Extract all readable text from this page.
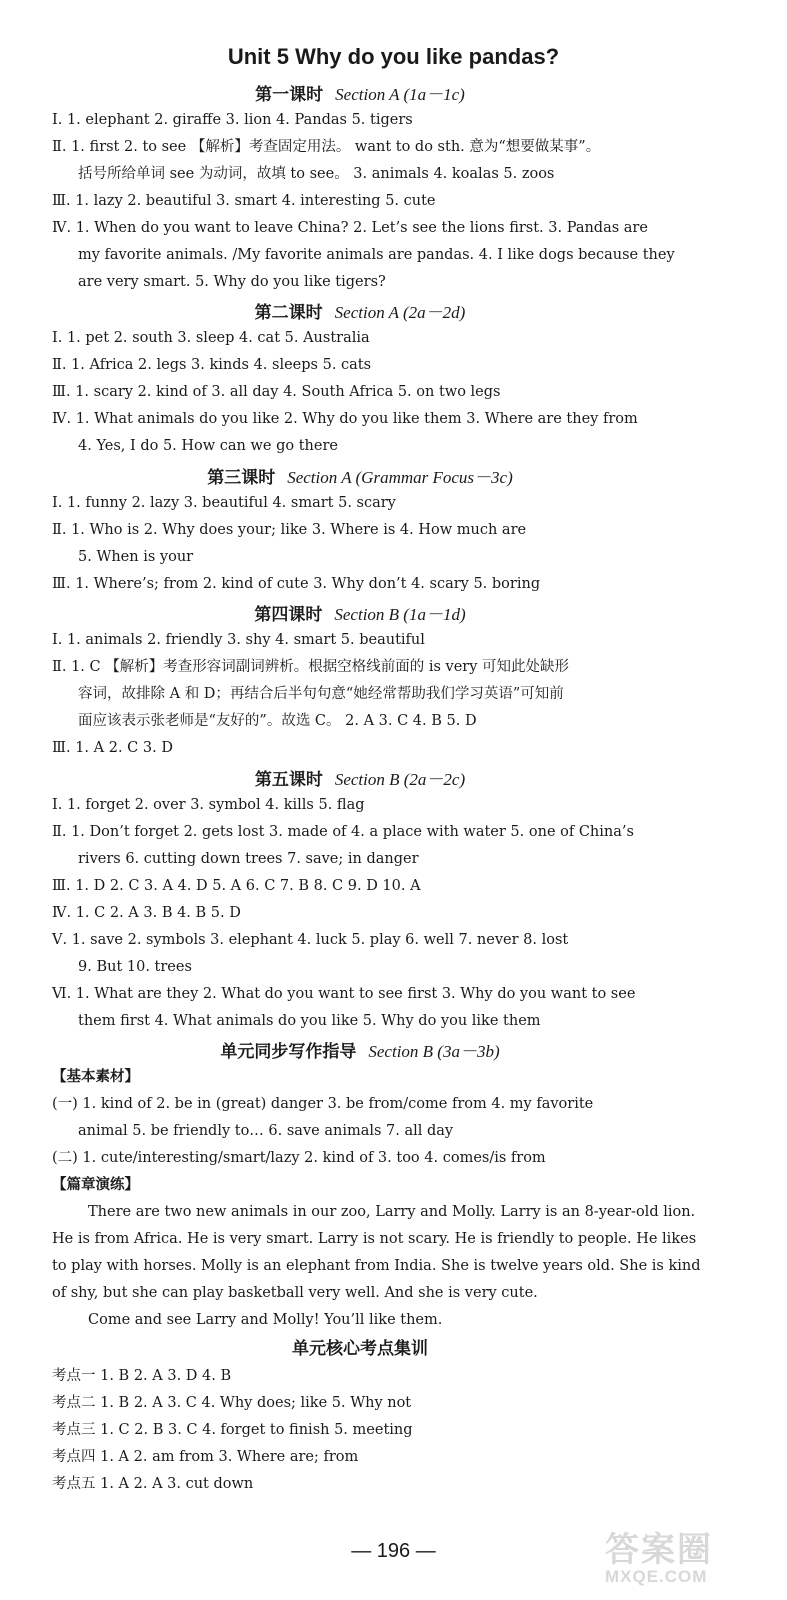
Unit 5 Why do you like pandas?
第一课时 Section A (1a－1c)
第二课时 Section A (2a－2d)
第三课时 Section A (Grammar Focus－3c)
第四课时 Section B (1a－1d)
第五课时 Section B (2a－2c)
单元同步写作指导 Section B (3a－3b)
单元核心考点集训
Ⅰ. 1. elephant 2. giraffe 3. lion 4. Pandas 5. tigers
Ⅱ. 1. first 2. to see 【解析】考查固定用法。 want to do sth. 意为“想要做某事”。
括号所给单词 see 为动词，故填 to see。 3. animals 4. koalas 5. zoos
Ⅲ. 1. lazy 2. beautiful 3. smart 4. interesting 5. cute
Ⅳ. 1. When do you want to leave China? 2. Let’s see the lions first. 3. Pandas are
my favorite animals. /My favorite animals are pandas. 4. I like dogs because they
are very smart. 5. Why do you like tigers?
Ⅰ. 1. pet 2. south 3. sleep 4. cat 5. Australia
Ⅱ. 1. Africa 2. legs 3. kinds 4. sleeps 5. cats
Ⅲ. 1. scary 2. kind of 3. all day 4. South Africa 5. on two legs
Ⅳ. 1. What animals do you like 2. Why do you like them 3. Where are they from
4. Yes, I do 5. How can we go there
Ⅰ. 1. funny 2. lazy 3. beautiful 4. smart 5. scary
Ⅱ. 1. Who is 2. Why does your; like 3. Where is 4. How much are
5. When is your
Ⅲ. 1. Where’s; from 2. kind of cute 3. Why don’t 4. scary 5. boring
Ⅰ. 1. animals 2. friendly 3. shy 4. smart 5. beautiful
Ⅱ. 1. C 【解析】考查形容词副词辨析。根据空格线前面的 is very 可知此处缺形
容词，故排除 A 和 D；再结合后半句句意“她经常帮助我们学习英语”可知前
面应该表示张老师是“友好的”。故选 C。 2. A 3. C 4. B 5. D
Ⅲ. 1. A 2. C 3. D
Ⅰ. 1. forget 2. over 3. symbol 4. kills 5. flag
Ⅱ. 1. Don’t forget 2. gets lost 3. made of 4. a place with water 5. one of China’s
rivers 6. cutting down trees 7. save; in danger
Ⅲ. 1. D 2. C 3. A 4. D 5. A 6. C 7. B 8. C 9. D 10. A
Ⅳ. 1. C 2. A 3. B 4. B 5. D
Ⅴ. 1. save 2. symbols 3. elephant 4. luck 5. play 6. well 7. never 8. lost
9. But 10. trees
Ⅵ. 1. What are they 2. What do you want to see first 3. Why do you want to see
them first 4. What animals do you like 5. Why do you like them
【基本素材】
(一) 1. kind of 2. be in (great) danger 3. be from/come from 4. my favorite
animal 5. be friendly to… 6. save animals 7. all day
(二) 1. cute/interesting/smart/lazy 2. kind of 3. too 4. comes/is from
【篇章演练】
There are two new animals in our zoo, Larry and Molly. Larry is an 8-year-old lion.
He is from Africa. He is very smart. Larry is not scary. He is friendly to people. He likes
to play with horses. Molly is an elephant from India. She is twelve years old. She is kind
of shy, but she can play basketball very well. And she is very cute.
Come and see Larry and Molly! You’ll like them.
考点一 1. B 2. A 3. D 4. B
考点二 1. B 2. A 3. C 4. Why does; like 5. Why not
考点三 1. C 2. B 3. C 4. forget to finish 5. meeting
考点四 1. A 2. am from 3. Where are; from
考点五 1. A 2. A 3. cut down
— 196 —	答案圈
MXQE.COM
